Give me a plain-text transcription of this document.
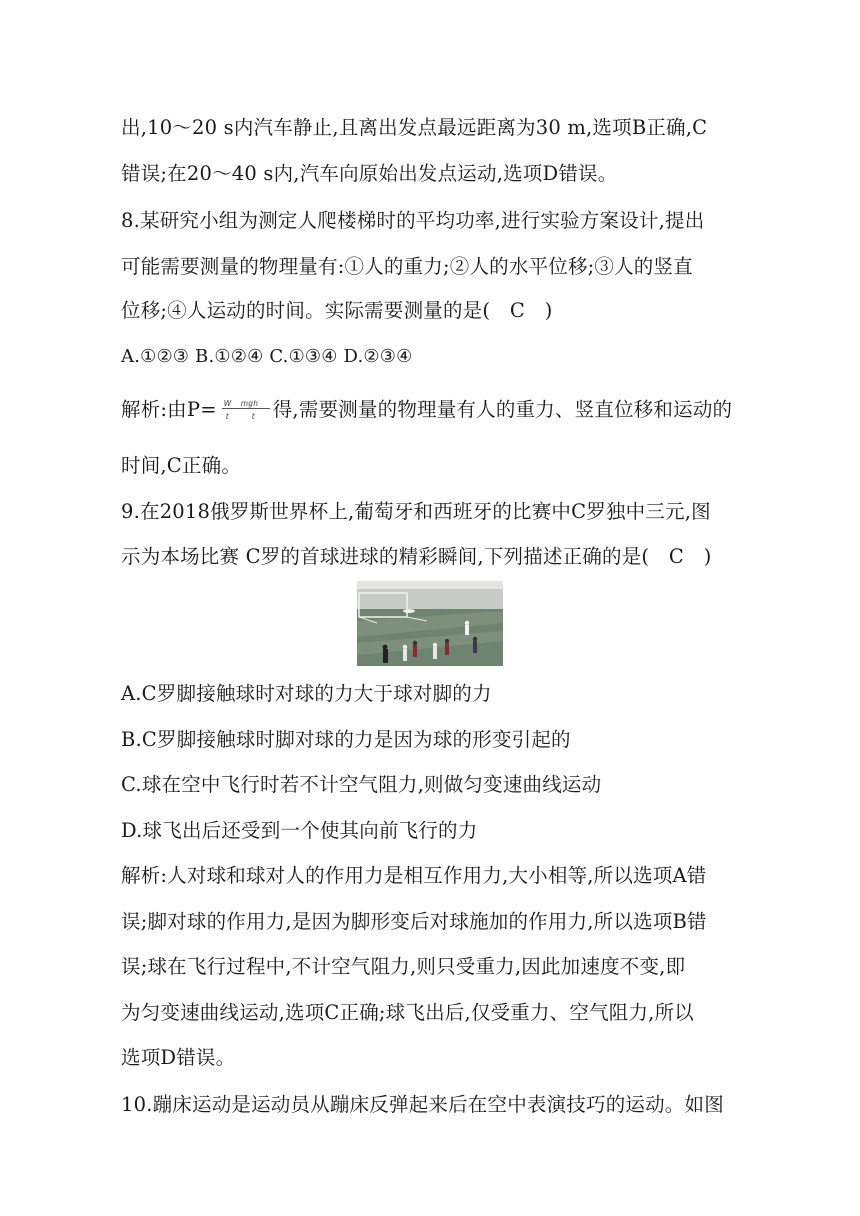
出,10～20 s内汽车静止,且离出发点最远距离为30 m,选项B正确,C
错误;在20～40 s内,汽车向原始出发点运动,选项D错误。
8.某研究小组为测定人爬楼梯时的平均功率,进行实验方案设计,提出
可能需要测量的物理量有:①人的重力;②人的水平位移;③人的竖直
位移;④人运动的时间。实际需要测量的是(　C　)
A.①②③ B.①②④ C.①③④ D.②③④
解析:由P= W mgh
t	t 得,需要测量的物理量有人的重力、竖直位移和运动的
时间,C正确。
9.在2018俄罗斯世界杯上,葡萄牙和西班牙的比赛中C罗独中三元,图
示为本场比赛 C罗的首球进球的精彩瞬间,下列描述正确的是(　C　)
A.C罗脚接触球时对球的力大于球对脚的力
B.C罗脚接触球时脚对球的力是因为球的形变引起的
C.球在空中飞行时若不计空气阻力,则做匀变速曲线运动
D.球飞出后还受到一个使其向前飞行的力
解析:人对球和球对人的作用力是相互作用力,大小相等,所以选项A错
误;脚对球的作用力,是因为脚形变后对球施加的作用力,所以选项B错
误;球在飞行过程中,不计空气阻力,则只受重力,因此加速度不变,即
为匀变速曲线运动,选项C正确;球飞出后,仅受重力、空气阻力,所以
选项D错误。
10.蹦床运动是运动员从蹦床反弹起来后在空中表演技巧的运动。如图
